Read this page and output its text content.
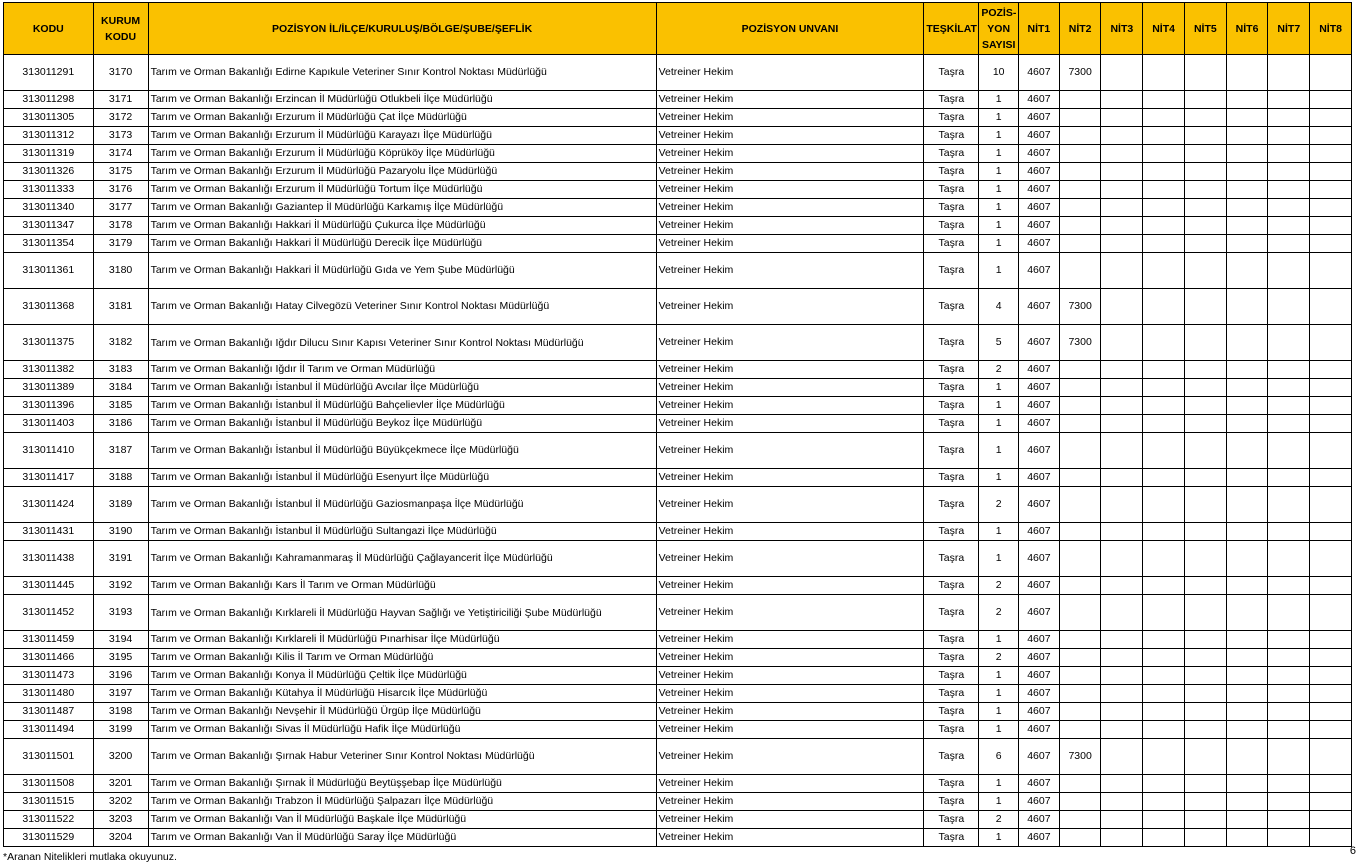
KODU	KURUM KODU	POZİSYON İL/İLÇE/KURULUŞ/BÖLGE/ŞUBE/ŞEFLİK	POZİSYON UNVANI	TEŞKİLAT	POZİS-YON SAYISI	NİT1	NİT2	NİT3	NİT4	NİT5	NİT6	NİT7	NİT8
313011291	3170	Tarım ve Orman Bakanlığı Edirne Kapıkule Veteriner Sınır Kontrol Noktası Müdürlüğü	Vetreiner Hekim	Taşra	10	4607	7300						
313011298	3171	Tarım ve Orman Bakanlığı Erzincan İl Müdürlüğü Otlukbeli İlçe Müdürlüğü	Vetreiner Hekim	Taşra	1	4607							
313011305	3172	Tarım ve Orman Bakanlığı Erzurum İl Müdürlüğü Çat İlçe Müdürlüğü	Vetreiner Hekim	Taşra	1	4607							
313011312	3173	Tarım ve Orman Bakanlığı Erzurum İl Müdürlüğü Karayazı İlçe Müdürlüğü	Vetreiner Hekim	Taşra	1	4607							
313011319	3174	Tarım ve Orman Bakanlığı Erzurum İl Müdürlüğü Köprüköy İlçe Müdürlüğü	Vetreiner Hekim	Taşra	1	4607							
313011326	3175	Tarım ve Orman Bakanlığı Erzurum İl Müdürlüğü Pazaryolu İlçe Müdürlüğü	Vetreiner Hekim	Taşra	1	4607							
313011333	3176	Tarım ve Orman Bakanlığı Erzurum İl Müdürlüğü Tortum İlçe Müdürlüğü	Vetreiner Hekim	Taşra	1	4607							
313011340	3177	Tarım ve Orman Bakanlığı Gaziantep İl Müdürlüğü Karkamış İlçe Müdürlüğü	Vetreiner Hekim	Taşra	1	4607							
313011347	3178	Tarım ve Orman Bakanlığı Hakkari İl Müdürlüğü Çukurca İlçe Müdürlüğü	Vetreiner Hekim	Taşra	1	4607							
313011354	3179	Tarım ve Orman Bakanlığı Hakkari İl Müdürlüğü Derecik İlçe Müdürlüğü	Vetreiner Hekim	Taşra	1	4607							
313011361	3180	Tarım ve Orman Bakanlığı Hakkari İl Müdürlüğü Gıda ve Yem Şube Müdürlüğü	Vetreiner Hekim	Taşra	1	4607							
313011368	3181	Tarım ve Orman Bakanlığı Hatay Cilvegözü Veteriner Sınır Kontrol Noktası Müdürlüğü	Vetreiner Hekim	Taşra	4	4607	7300						
313011375	3182	Tarım ve Orman Bakanlığı Iğdır Dilucu Sınır Kapısı Veteriner Sınır Kontrol Noktası Müdürlüğü	Vetreiner Hekim	Taşra	5	4607	7300						
313011382	3183	Tarım ve Orman Bakanlığı Iğdır İl Tarım ve Orman Müdürlüğü	Vetreiner Hekim	Taşra	2	4607							
313011389	3184	Tarım ve Orman Bakanlığı İstanbul İl Müdürlüğü Avcılar İlçe Müdürlüğü	Vetreiner Hekim	Taşra	1	4607							
313011396	3185	Tarım ve Orman Bakanlığı İstanbul İl Müdürlüğü Bahçelievler İlçe Müdürlüğü	Vetreiner Hekim	Taşra	1	4607							
313011403	3186	Tarım ve Orman Bakanlığı İstanbul İl Müdürlüğü Beykoz İlçe Müdürlüğü	Vetreiner Hekim	Taşra	1	4607							
313011410	3187	Tarım ve Orman Bakanlığı İstanbul İl Müdürlüğü Büyükçekmece İlçe Müdürlüğü	Vetreiner Hekim	Taşra	1	4607							
313011417	3188	Tarım ve Orman Bakanlığı İstanbul İl Müdürlüğü Esenyurt İlçe Müdürlüğü	Vetreiner Hekim	Taşra	1	4607							
313011424	3189	Tarım ve Orman Bakanlığı İstanbul İl Müdürlüğü Gaziosmanpaşa İlçe Müdürlüğü	Vetreiner Hekim	Taşra	2	4607							
313011431	3190	Tarım ve Orman Bakanlığı İstanbul İl Müdürlüğü Sultangazi İlçe Müdürlüğü	Vetreiner Hekim	Taşra	1	4607							
313011438	3191	Tarım ve Orman Bakanlığı Kahramanmaraş İl Müdürlüğü Çağlayancerit İlçe Müdürlüğü	Vetreiner Hekim	Taşra	1	4607							
313011445	3192	Tarım ve Orman Bakanlığı Kars İl Tarım ve Orman Müdürlüğü	Vetreiner Hekim	Taşra	2	4607							
313011452	3193	Tarım ve Orman Bakanlığı Kırklareli İl Müdürlüğü Hayvan Sağlığı ve Yetiştiriciliği Şube Müdürlüğü	Vetreiner Hekim	Taşra	2	4607							
313011459	3194	Tarım ve Orman Bakanlığı Kırklareli İl Müdürlüğü Pınarhisar İlçe Müdürlüğü	Vetreiner Hekim	Taşra	1	4607							
313011466	3195	Tarım ve Orman Bakanlığı Kilis İl Tarım ve Orman Müdürlüğü	Vetreiner Hekim	Taşra	2	4607							
313011473	3196	Tarım ve Orman Bakanlığı Konya İl Müdürlüğü Çeltik İlçe Müdürlüğü	Vetreiner Hekim	Taşra	1	4607							
313011480	3197	Tarım ve Orman Bakanlığı Kütahya İl Müdürlüğü Hisarcık İlçe Müdürlüğü	Vetreiner Hekim	Taşra	1	4607							
313011487	3198	Tarım ve Orman Bakanlığı Nevşehir İl Müdürlüğü Ürgüp İlçe Müdürlüğü	Vetreiner Hekim	Taşra	1	4607							
313011494	3199	Tarım ve Orman Bakanlığı Sivas İl Müdürlüğü Hafik İlçe Müdürlüğü	Vetreiner Hekim	Taşra	1	4607							
313011501	3200	Tarım ve Orman Bakanlığı Şırnak Habur Veteriner Sınır Kontrol Noktası Müdürlüğü	Vetreiner Hekim	Taşra	6	4607	7300						
313011508	3201	Tarım ve Orman Bakanlığı Şırnak İl Müdürlüğü Beytüşşebap İlçe Müdürlüğü	Vetreiner Hekim	Taşra	1	4607							
313011515	3202	Tarım ve Orman Bakanlığı Trabzon İl Müdürlüğü Şalpazarı İlçe Müdürlüğü	Vetreiner Hekim	Taşra	1	4607							
313011522	3203	Tarım ve Orman Bakanlığı Van İl Müdürlüğü Başkale İlçe Müdürlüğü	Vetreiner Hekim	Taşra	2	4607							
313011529	3204	Tarım ve Orman Bakanlığı Van İl Müdürlüğü Saray İlçe Müdürlüğü	Vetreiner Hekim	Taşra	1	4607							
*Aranan Nitelikleri mutlaka okuyunuz.	6
